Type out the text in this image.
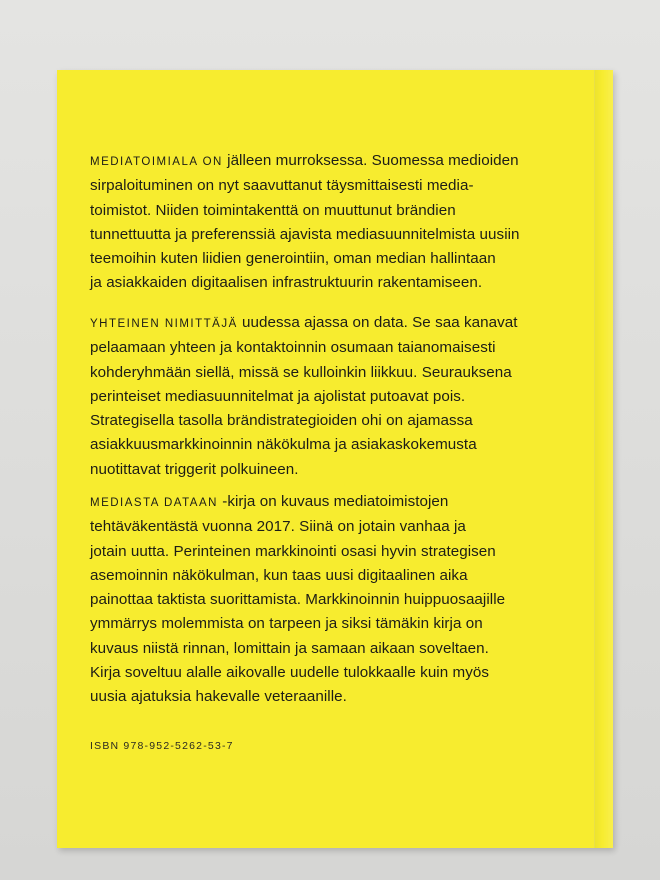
MEDIATOIMIALA ON jälleen murroksessa. Suomessa medioiden
sirpaloituminen on nyt saavuttanut täysmittaisesti media-
toimistot. Niiden toimintakenttä on muuttunut brändien
tunnettuutta ja preferenssiä ajavista mediasuunnitelmista uusiin
teemoihin kuten liidien generointiin, oman median hallintaan
ja asiakkaiden digitaalisen infrastruktuurin rakentamiseen.
YHTEINEN NIMITTÄJÄ uudessa ajassa on data. Se saa kanavat
pelaamaan yhteen ja kontaktoinnin osumaan taianomaisesti
kohderyhmään siellä, missä se kulloinkin liikkuu. Seurauksena
perinteiset mediasuunnitelmat ja ajolistat putoavat pois.
Strategisella tasolla brändistrategioiden ohi on ajamassa
asiakkuusmarkkinoinnin näkökulma ja asiakaskokemusta
nuotittavat triggerit polkuineen.
MEDIASTA DATAAN -kirja on kuvaus mediatoimistojen
tehtäväkentästä vuonna 2017. Siinä on jotain vanhaa ja
jotain uutta. Perinteinen markkinointi osasi hyvin strategisen
asemoinnin näkökulman, kun taas uusi digitaalinen aika
painottaa taktista suorittamista. Markkinoinnin huippuosaajille
ymmärrys molemmista on tarpeen ja siksi tämäkin kirja on
kuvaus niistä rinnan, lomittain ja samaan aikaan soveltaen.
Kirja soveltuu alalle aikovalle uudelle tulokkaalle kuin myös
uusia ajatuksia hakevalle veteraanille.
ISBN 978-952-5262-53-7
